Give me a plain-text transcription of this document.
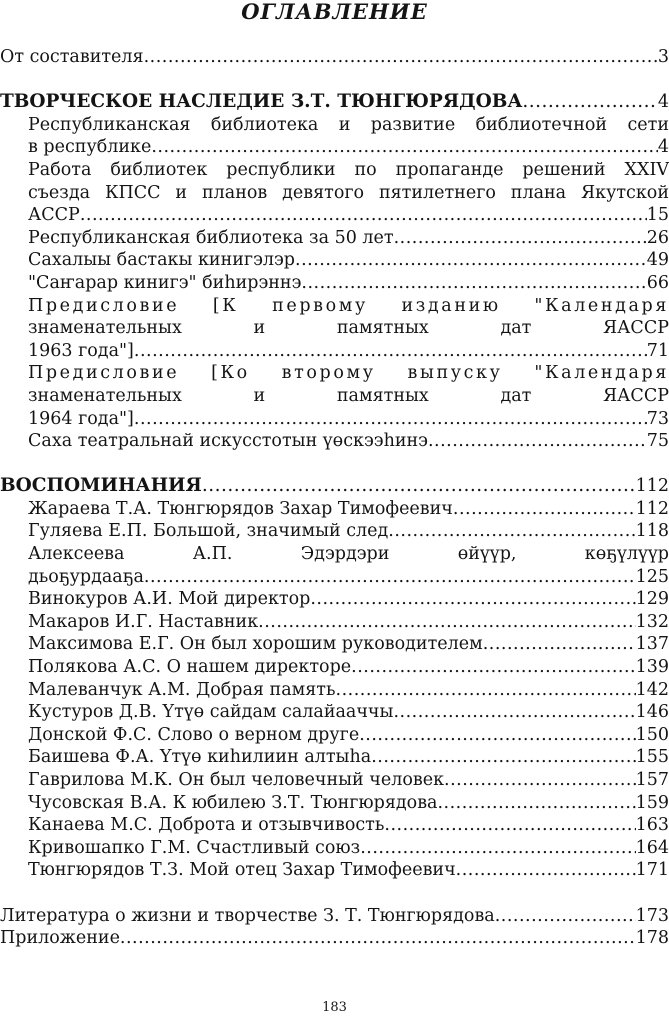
ОГЛАВЛЕНИЕ
От составителя .....	3
ТВОРЧЕСКОЕ НАСЛЕДИЕ З.Т. ТЮНГЮРЯДОВА .....	4
Республиканская библиотека и развитие библиотечной сети
в республике .....	4
Работа библиотек республики по пропаганде решений XXIV
съезда КПСС и планов девятого пятилетнего плана Якутской
АССР .....	15
Республиканская библиотека за 50 лет .....	26
Сахалыы бастакы кинигэлэр .....	49
"Саҥарар кинигэ" биһирэннэ .....	66
Предисловие [К первому изданию "Календаря
знаменательных и памятных дат ЯАССР
1963 года"] .....	71
Предисловие [Ко второму выпуску "Календаря
знаменательных и памятных дат ЯАССР
1964 года"] .....	73
Саха театральнай искусстотын үөскээһинэ .....	75
ВОСПОМИНАНИЯ .....	112
Жараева Т.А. Тюнгюрядов Захар Тимофеевич .....	112
Гуляева Е.П. Большой, значимый след .....	118
Алексеева А.П. Эдэрдэри өйүүр, көҕүлүүр
дьоҕурдааҕа .....	125
Винокуров А.И. Мой директор .....	129
Макаров И.Г. Наставник .....	132
Максимова Е.Г. Он был хорошим руководителем .....	137
Полякова А.С. О нашем директоре .....	139
Малеванчук А.М. Добрая память .....	142
Кустуров Д.В. Үтүө сайдам салайааччы .....	146
Донской Ф.С. Слово о верном друге .....	150
Баишева Ф.А. Үтүө киһилиин алтыһа .....	155
Гаврилова М.К. Он был человечный человек .....	157
Чусовская В.А. К юбилею З.Т. Тюнгюрядова .....	159
Канаева М.С. Доброта и отзывчивость .....	163
Кривошапко Г.М. Счастливый союз .....	164
Тюнгюрядов Т.З. Мой отец Захар Тимофеевич .....	171
Литература о жизни и творчестве З. Т. Тюнгюрядова .....	173
Приложение .....	178
183
